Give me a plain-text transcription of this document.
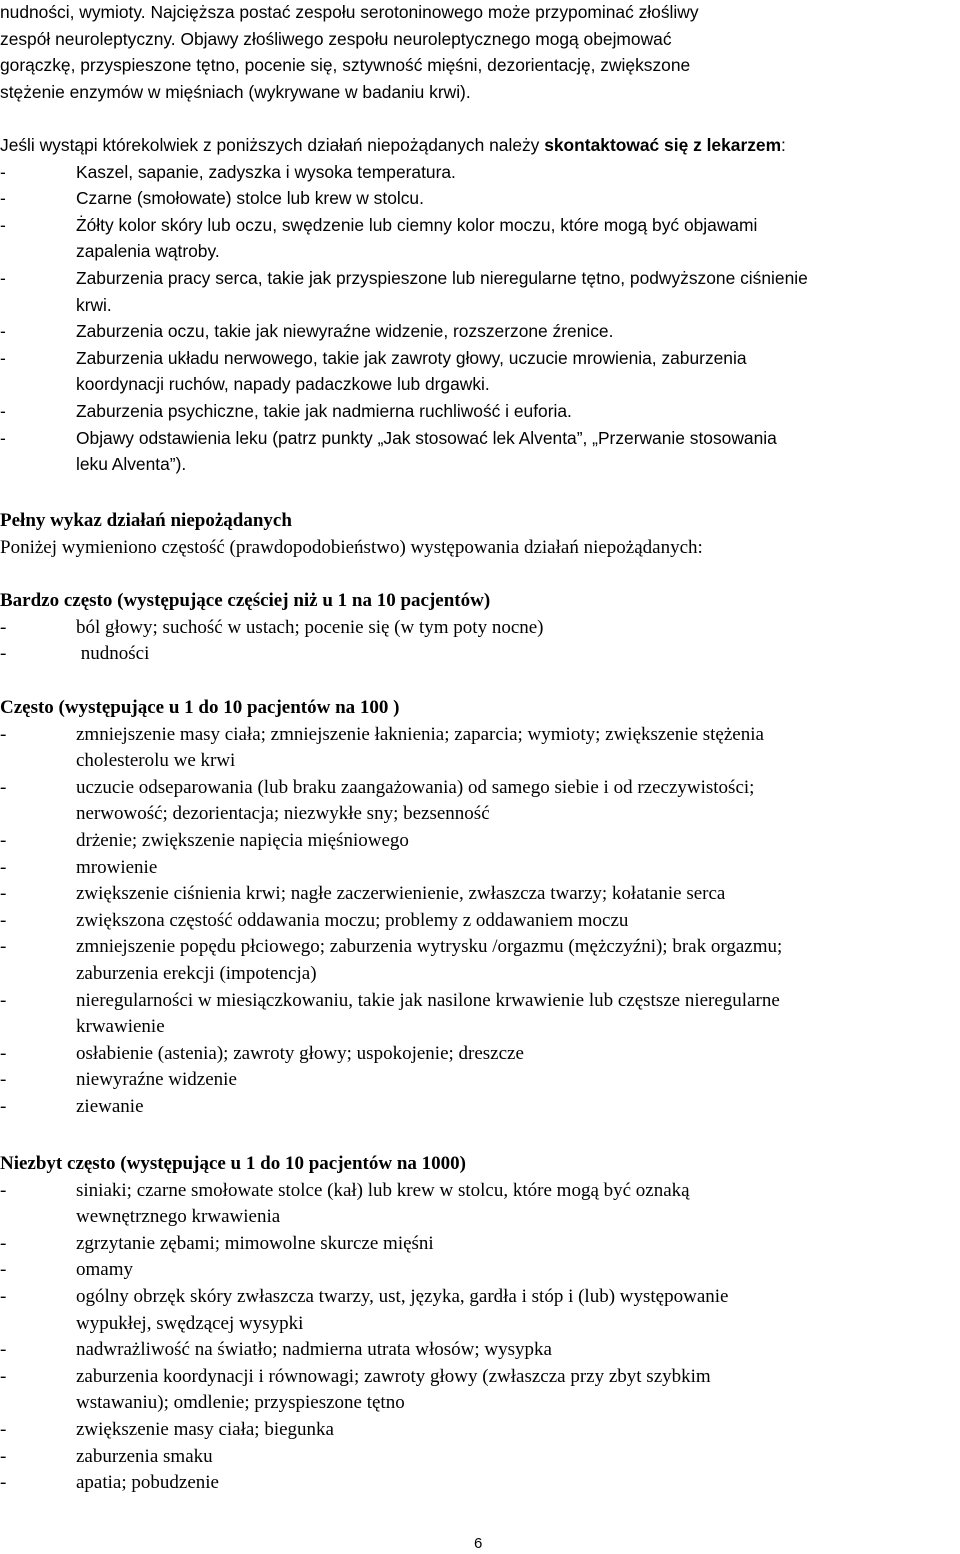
nudności, wymioty. Najcięższa postać zespołu serotoninowego może przypominać złośliwy
zespół neuroleptyczny. Objawy złośliwego zespołu neuroleptycznego mogą obejmować
gorączkę, przyspieszone tętno, pocenie się, sztywność mięśni, dezorientację, zwiększone
stężenie enzymów w mięśniach (wykrywane w badaniu krwi).
Jeśli wystąpi którekolwiek z poniższych działań niepożądanych należy skontaktować się z lekarzem:
-	Kaszel, sapanie, zadyszka i wysoka temperatura.
-	Czarne (smołowate) stolce lub krew w stolcu.
-	Żółty kolor skóry lub oczu, swędzenie lub ciemny kolor moczu, które mogą być objawami
zapalenia wątroby.
-	Zaburzenia pracy serca, takie jak przyspieszone lub nieregularne tętno, podwyższone ciśnienie
krwi.
-	Zaburzenia oczu, takie jak niewyraźne widzenie, rozszerzone źrenice.
-	Zaburzenia układu nerwowego, takie jak zawroty głowy, uczucie mrowienia, zaburzenia
koordynacji ruchów, napady padaczkowe lub drgawki.
-	Zaburzenia psychiczne, takie jak nadmierna ruchliwość i euforia.
-	Objawy odstawienia leku (patrz punkty „Jak stosować lek Alventa”, „Przerwanie stosowania
leku Alventa”).
Pełny wykaz działań niepożądanych
Poniżej wymieniono częstość (prawdopodobieństwo) występowania działań niepożądanych:
Bardzo często (występujące częściej niż u 1 na 10 pacjentów)
-	ból głowy; suchość w ustach; pocenie się (w tym poty nocne)
-	nudności
Często (występujące u 1 do 10 pacjentów na 100 )
-	zmniejszenie masy ciała; zmniejszenie łaknienia; zaparcia; wymioty; zwiększenie stężenia
cholesterolu we krwi
-	uczucie odseparowania (lub braku zaangażowania) od samego siebie i od rzeczywistości;
nerwowość; dezorientacja; niezwykłe sny; bezsenność
-	drżenie; zwiększenie napięcia mięśniowego
-	mrowienie
-	zwiększenie ciśnienia krwi; nagłe zaczerwienienie, zwłaszcza twarzy; kołatanie serca
-	zwiększona częstość oddawania moczu; problemy z oddawaniem moczu
-	zmniejszenie popędu płciowego; zaburzenia wytrysku /orgazmu (mężczyźni); brak orgazmu;
zaburzenia erekcji (impotencja)
-	nieregularności w miesiączkowaniu, takie jak nasilone krwawienie lub częstsze nieregularne
krwawienie
-	osłabienie (astenia); zawroty głowy; uspokojenie; dreszcze
-	niewyraźne widzenie
-	ziewanie
Niezbyt często (występujące u 1 do 10 pacjentów na 1000)
-	siniaki; czarne smołowate stolce (kał) lub krew w stolcu, które mogą być oznaką
wewnętrznego krwawienia
-	zgrzytanie zębami; mimowolne skurcze mięśni
-	omamy
-	ogólny obrzęk skóry zwłaszcza twarzy, ust, języka, gardła i stóp i (lub) występowanie
wypukłej, swędzącej wysypki
-	nadwrażliwość na światło; nadmierna utrata włosów; wysypka
-	zaburzenia koordynacji i równowagi; zawroty głowy (zwłaszcza przy zbyt szybkim
wstawaniu); omdlenie; przyspieszone tętno
-	zwiększenie masy ciała; biegunka
-	zaburzenia smaku
-	apatia; pobudzenie
6
